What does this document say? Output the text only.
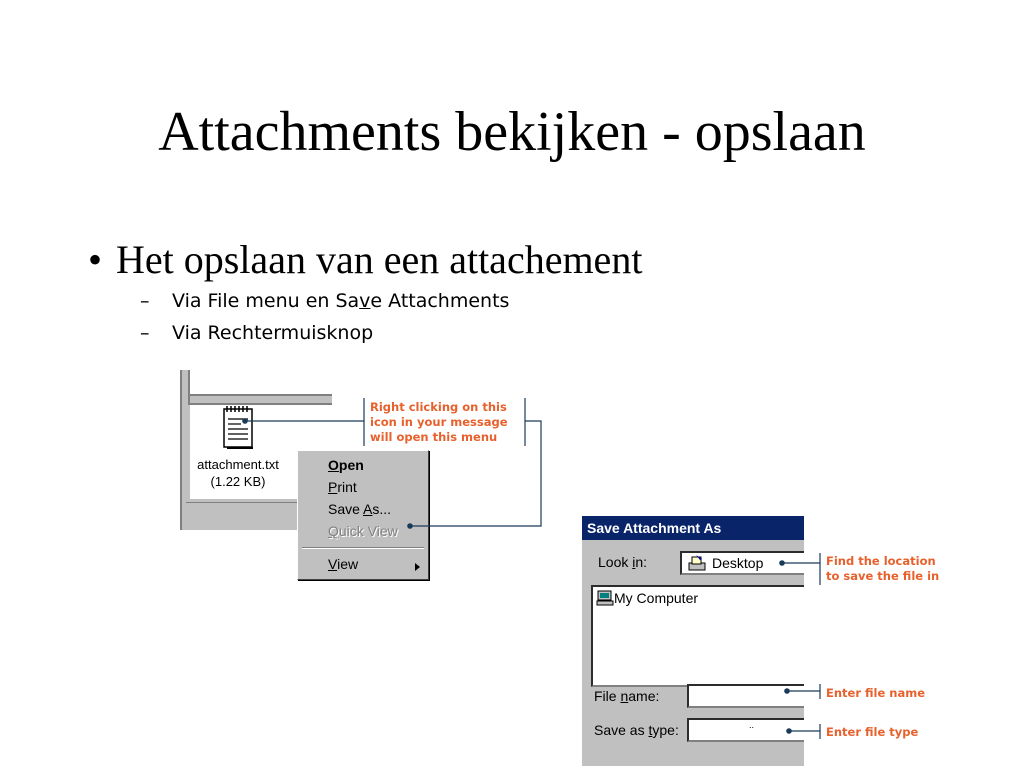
Attachments bekijken - opslaan
• Het opslaan van een attachement
– Via File menu en Save Attachments
– Via Rechtermuisknop
attachment.txt
(1.22 KB)
Open
Print
Save As...
Quick View
View
Right clicking on this
icon in your message
will open this menu
Save Attachment As
Look in:	Desktop
My Computer
File name:
Save as type:	..
Find the location
to save the file in
Enter file name
Enter file type
